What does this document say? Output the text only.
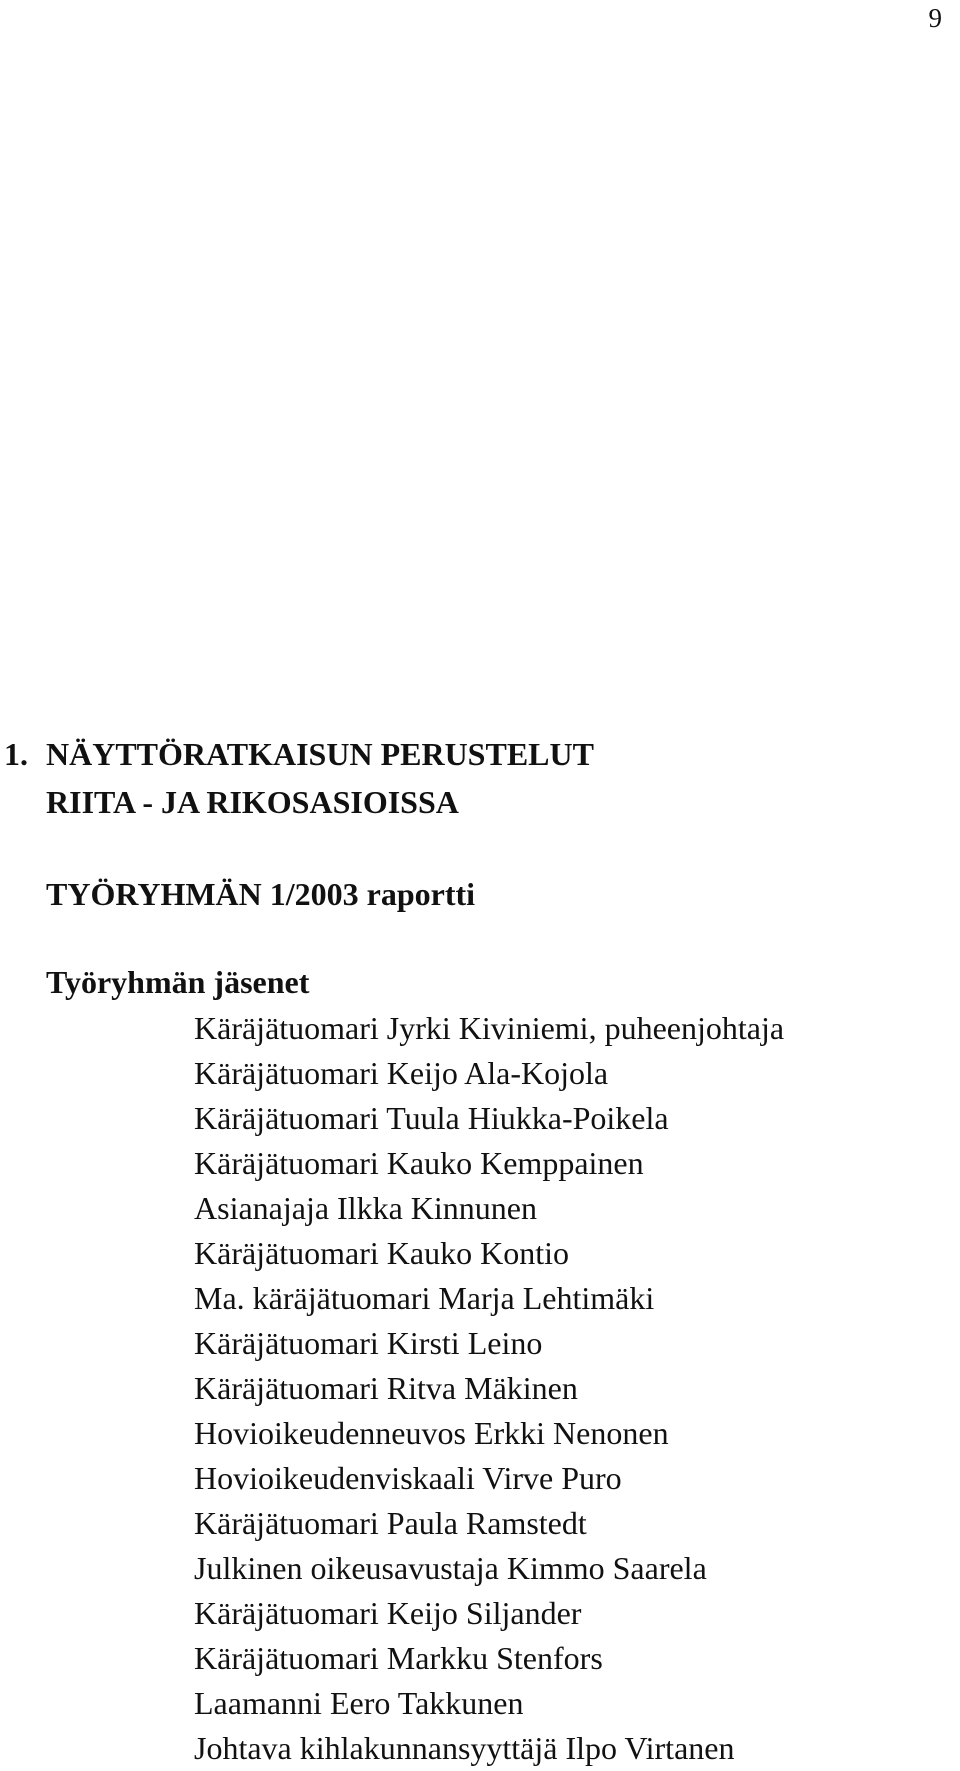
9
1. NÄYTTÖRATKAISUN PERUSTELUT
RIITA - JA RIKOSASIOISSA
TYÖRYHMÄN 1/2003 raportti
Työryhmän jäsenet
Käräjätuomari Jyrki Kiviniemi, puheenjohtaja
Käräjätuomari Keijo Ala-Kojola
Käräjätuomari Tuula Hiukka-Poikela
Käräjätuomari Kauko Kemppainen
Asianajaja Ilkka Kinnunen
Käräjätuomari Kauko Kontio
Ma. käräjätuomari Marja Lehtimäki
Käräjätuomari Kirsti Leino
Käräjätuomari Ritva Mäkinen
Hovioikeudenneuvos Erkki Nenonen
Hovioikeudenviskaali Virve Puro
Käräjätuomari Paula Ramstedt
Julkinen oikeusavustaja Kimmo Saarela
Käräjätuomari Keijo Siljander
Käräjätuomari Markku Stenfors
Laamanni Eero Takkunen
Johtava kihlakunnansyyttäjä Ilpo Virtanen
